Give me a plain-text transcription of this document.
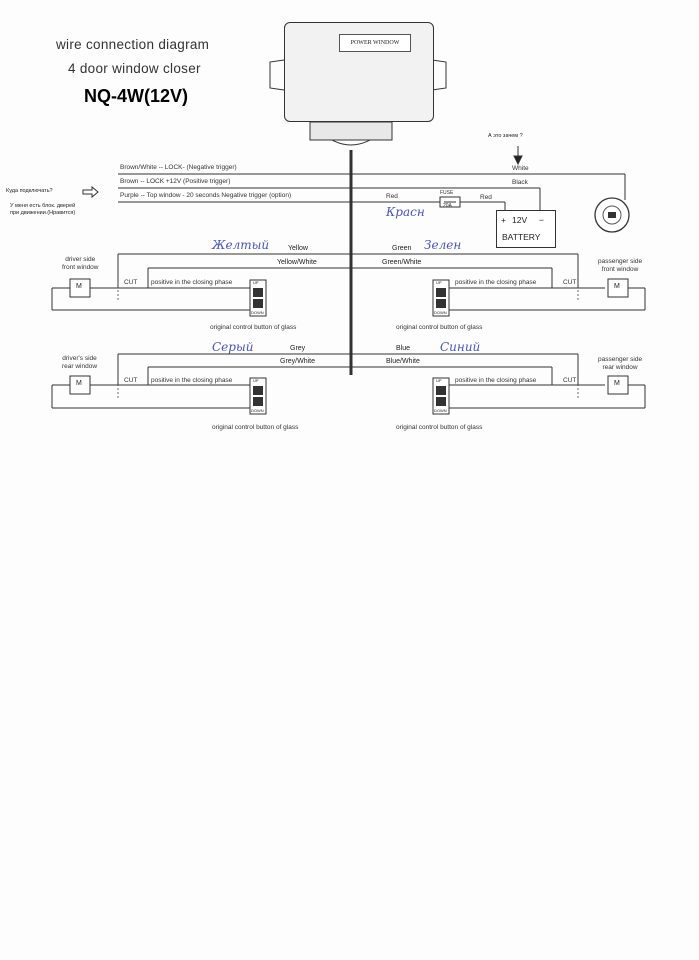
wire connection diagram
4 door window closer
NQ-4W(12V)
POWER WINDOW
А это зачем ?
Куда подключать?
У меня есть блок. дверей при движении.(Нравится)
Brown/White -- LOCK- (Negative trigger)
Brown -- LOCK +12V (Positive trigger)
Purple -- Top window - 20 seconds Negative trigger (option)
White
Black
Red	Red
FUSE
20A
Красн
+ 12V −
BATTERY
Желтый	Yellow
Yellow/White
Green Зелен
Green/White
driver side
front window
passenger side
front window
CUT	CUT
positive in the closing phase	positive in the closing phase
original control button of glass	original control button of glass
Серый	Grey
Grey/White
Blue Синий
Blue/White
driver's side
rear window
passenger side
rear window
CUT	CUT
positive in the closing phase	positive in the closing phase
original control button of glass	original control button of glass
M	M
M	M
UP
DOWN
UP
DOWN
UP
DOWN
UP
DOWN
